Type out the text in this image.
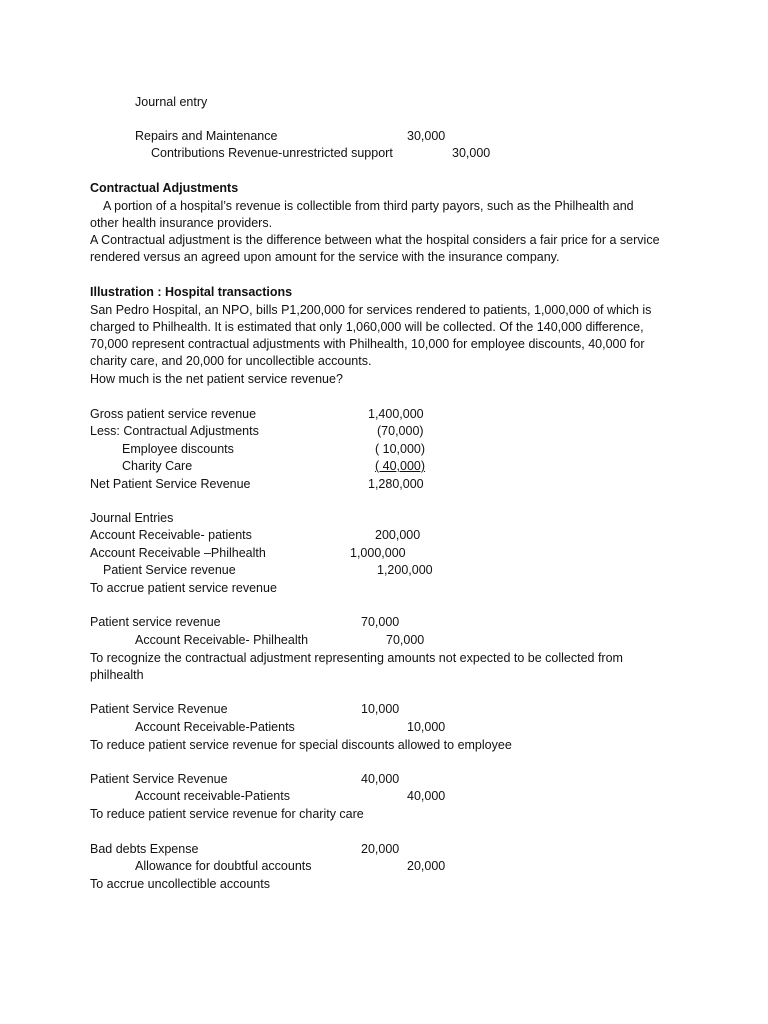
Journal entry
Repairs and Maintenance	30,000
Contributions Revenue-unrestricted support	30,000
Contractual Adjustments
A portion of a hospital’s revenue is collectible from third party payors, such as the Philhealth and
other health insurance providers.
A Contractual adjustment is the difference between what the hospital considers a fair price for a service
rendered versus an agreed upon amount for the service with the insurance company.
Illustration : Hospital transactions
San Pedro Hospital, an NPO, bills P1,200,000 for services rendered to patients, 1,000,000 of which is
charged to Philhealth. It is estimated that only 1,060,000 will be collected. Of the 140,000 difference,
70,000 represent contractual adjustments with Philhealth, 10,000 for employee discounts, 40,000 for
charity care, and 20,000 for uncollectible accounts.
How much is the net patient service revenue?
Gross patient service revenue	1,400,000
Less: Contractual Adjustments	(70,000)
Employee discounts	( 10,000)
Charity Care	( 40,000)
Net Patient Service Revenue	1,280,000
Journal Entries
Account Receivable- patients	200,000
Account Receivable –Philhealth	1,000,000
Patient Service revenue	1,200,000
To accrue patient service revenue
Patient service revenue	70,000
Account Receivable- Philhealth	70,000
To recognize the contractual adjustment representing amounts not expected to be collected from
philhealth
Patient Service Revenue	10,000
Account Receivable-Patients	10,000
To reduce patient service revenue for special discounts allowed to employee
Patient Service Revenue	40,000
Account receivable-Patients	40,000
To reduce patient service revenue for charity care
Bad debts Expense	20,000
Allowance for doubtful accounts	20,000
To accrue uncollectible accounts
